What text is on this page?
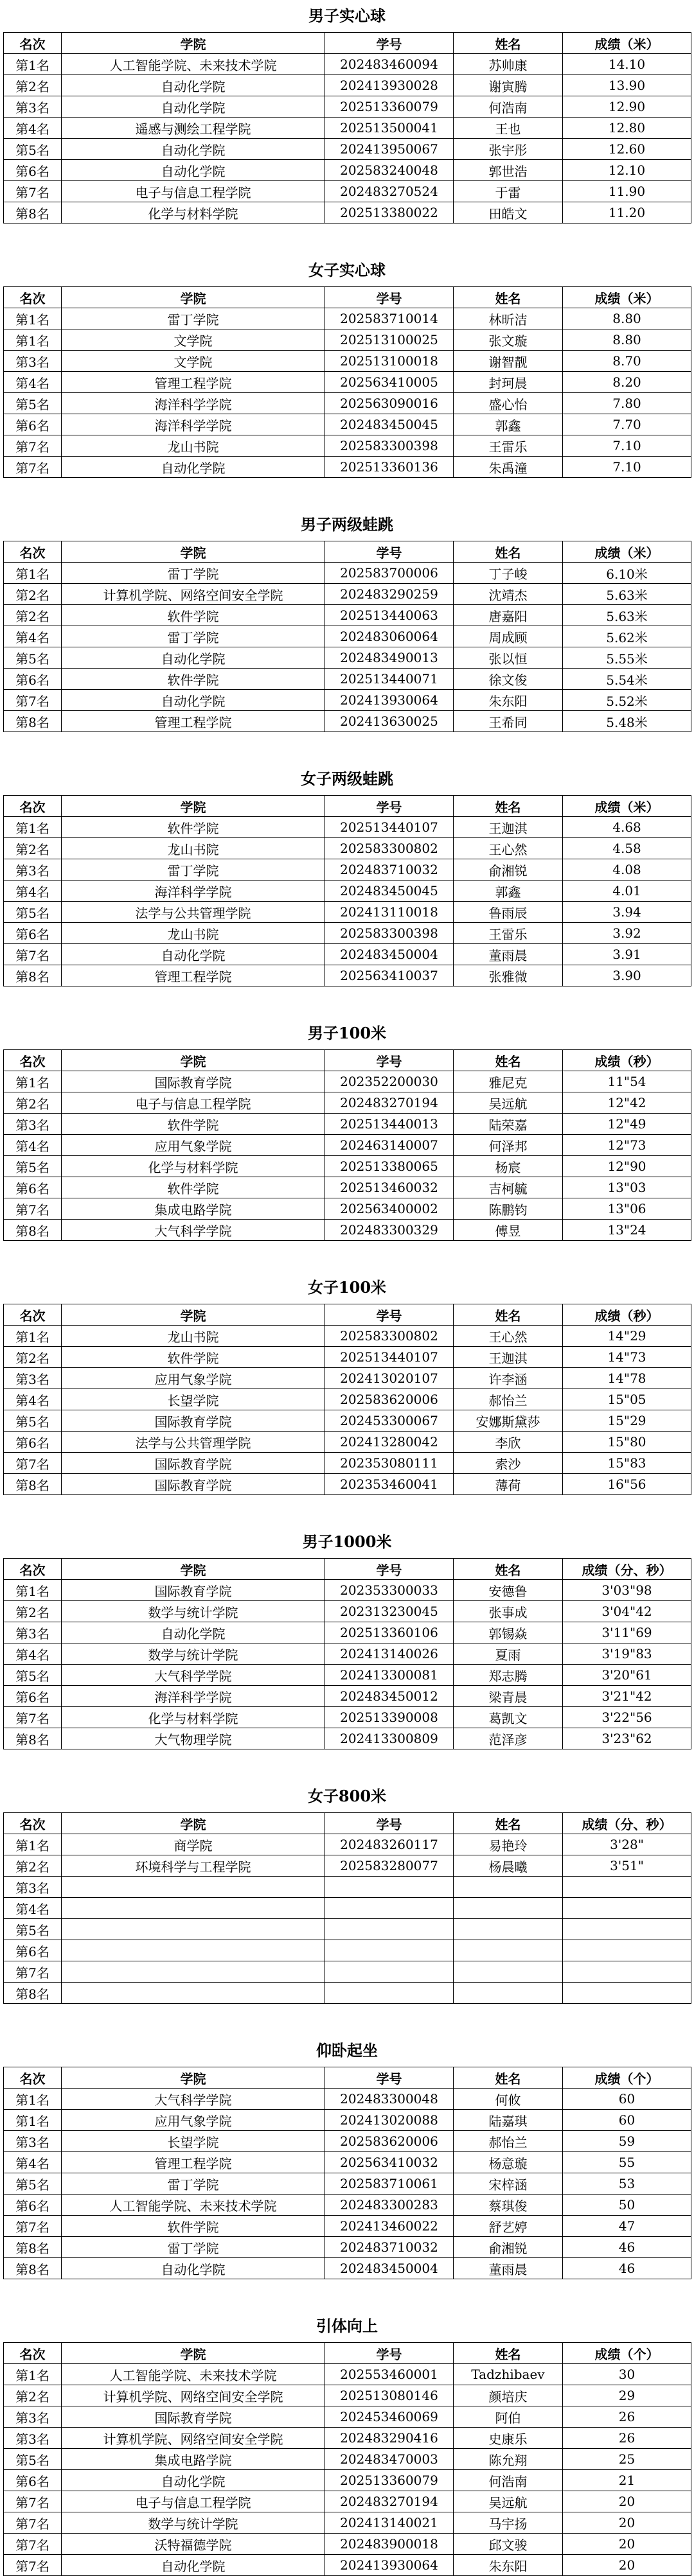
男子实心球
名次	学院	学号	姓名	成绩（米）
第1名	人工智能学院、未来技术学院	202483460094	苏帅康	14.10
第2名	自动化学院	202413930028	谢寅腾	13.90
第3名	自动化学院	202513360079	何浩南	12.90
第4名	遥感与测绘工程学院	202513500041	王也	12.80
第5名	自动化学院	202413950067	张宇彤	12.60
第6名	自动化学院	202583240048	郭世浩	12.10
第7名	电子与信息工程学院	202483270524	于雷	11.90
第8名	化学与材料学院	202513380022	田皓文	11.20
女子实心球
名次	学院	学号	姓名	成绩（米）
第1名	雷丁学院	202583710014	林昕洁	8.80
第1名	文学院	202513100025	张文璇	8.80
第3名	文学院	202513100018	谢智靓	8.70
第4名	管理工程学院	202563410005	封珂晨	8.20
第5名	海洋科学学院	202563090016	盛心怡	7.80
第6名	海洋科学学院	202483450045	郭鑫	7.70
第7名	龙山书院	202583300398	王雷乐	7.10
第7名	自动化学院	202513360136	朱禹潼	7.10
男子两级蛙跳
名次	学院	学号	姓名	成绩（米）
第1名	雷丁学院	202583700006	丁子峻	6.10米
第2名	计算机学院、网络空间安全学院	202483290259	沈靖杰	5.63米
第2名	软件学院	202513440063	唐嘉阳	5.63米
第4名	雷丁学院	202483060064	周成顾	5.62米
第5名	自动化学院	202483490013	张以恒	5.55米
第6名	软件学院	202513440071	徐文俊	5.54米
第7名	自动化学院	202413930064	朱东阳	5.52米
第8名	管理工程学院	202413630025	王希同	5.48米
女子两级蛙跳
名次	学院	学号	姓名	成绩（米）
第1名	软件学院	202513440107	王迦淇	4.68
第2名	龙山书院	202583300802	王心然	4.58
第3名	雷丁学院	202483710032	俞湘锐	4.08
第4名	海洋科学学院	202483450045	郭鑫	4.01
第5名	法学与公共管理学院	202413110018	鲁雨辰	3.94
第6名	龙山书院	202583300398	王雷乐	3.92
第7名	自动化学院	202483450004	董雨晨	3.91
第8名	管理工程学院	202563410037	张雅微	3.90
男子100米
名次	学院	学号	姓名	成绩（秒）
第1名	国际教育学院	202352200030	雅尼克	11"54
第2名	电子与信息工程学院	202483270194	吴远航	12"42
第3名	软件学院	202513440013	陆荣嘉	12"49
第4名	应用气象学院	202463140007	何泽邦	12"73
第5名	化学与材料学院	202513380065	杨宸	12"90
第6名	软件学院	202513460032	吉柯毓	13"03
第7名	集成电路学院	202563400002	陈鹏钧	13"06
第8名	大气科学学院	202483300329	傅昱	13"24
女子100米
名次	学院	学号	姓名	成绩（秒）
第1名	龙山书院	202583300802	王心然	14"29
第2名	软件学院	202513440107	王迦淇	14"73
第3名	应用气象学院	202413020107	许李涵	14"78
第4名	长望学院	202583620006	郝怡兰	15"05
第5名	国际教育学院	202453300067	安娜斯黛莎	15"29
第6名	法学与公共管理学院	202413280042	李欣	15"80
第7名	国际教育学院	202353080111	索沙	15"83
第8名	国际教育学院	202353460041	薄荷	16"56
男子1000米
名次	学院	学号	姓名	成绩（分、秒）
第1名	国际教育学院	202353300033	安德鲁	3'03"98
第2名	数学与统计学院	202313230045	张事成	3'04"42
第3名	自动化学院	202513360106	郭锡焱	3'11"69
第4名	数学与统计学院	202413140026	夏雨	3'19"83
第5名	大气科学学院	202413300081	郑志腾	3'20"61
第6名	海洋科学学院	202483450012	梁青晨	3'21"42
第7名	化学与材料学院	202513390008	葛凯文	3'22"56
第8名	大气物理学院	202413300809	范泽彦	3'23"62
女子800米
名次	学院	学号	姓名	成绩（分、秒）
第1名	商学院	202483260117	易艳玲	3'28"
第2名	环境科学与工程学院	202583280077	杨晨曦	3'51"
第3名				
第4名				
第5名				
第6名				
第7名				
第8名				
仰卧起坐
名次	学院	学号	姓名	成绩（个）
第1名	大气科学学院	202483300048	何攸	60
第1名	应用气象学院	202413020088	陆嘉琪	60
第3名	长望学院	202583620006	郝怡兰	59
第4名	管理工程学院	202563410032	杨意璇	55
第5名	雷丁学院	202583710061	宋梓涵	53
第6名	人工智能学院、未来技术学院	202483300283	蔡琪俊	50
第7名	软件学院	202413460022	舒艺婷	47
第8名	雷丁学院	202483710032	俞湘锐	46
第8名	自动化学院	202483450004	董雨晨	46
引体向上
名次	学院	学号	姓名	成绩（个）
第1名	人工智能学院、未来技术学院	202553460001	Tadzhibaev	30
第2名	计算机学院、网络空间安全学院	202513080146	颜培庆	29
第3名	国际教育学院	202453460069	阿伯	26
第3名	计算机学院、网络空间安全学院	202483290416	史康乐	26
第5名	集成电路学院	202483470003	陈允翔	25
第6名	自动化学院	202513360079	何浩南	21
第7名	电子与信息工程学院	202483270194	吴远航	20
第7名	数学与统计学院	202413140021	马宇扬	20
第7名	沃特福德学院	202483900018	邱文骏	20
第7名	自动化学院	202413930064	朱东阳	20
